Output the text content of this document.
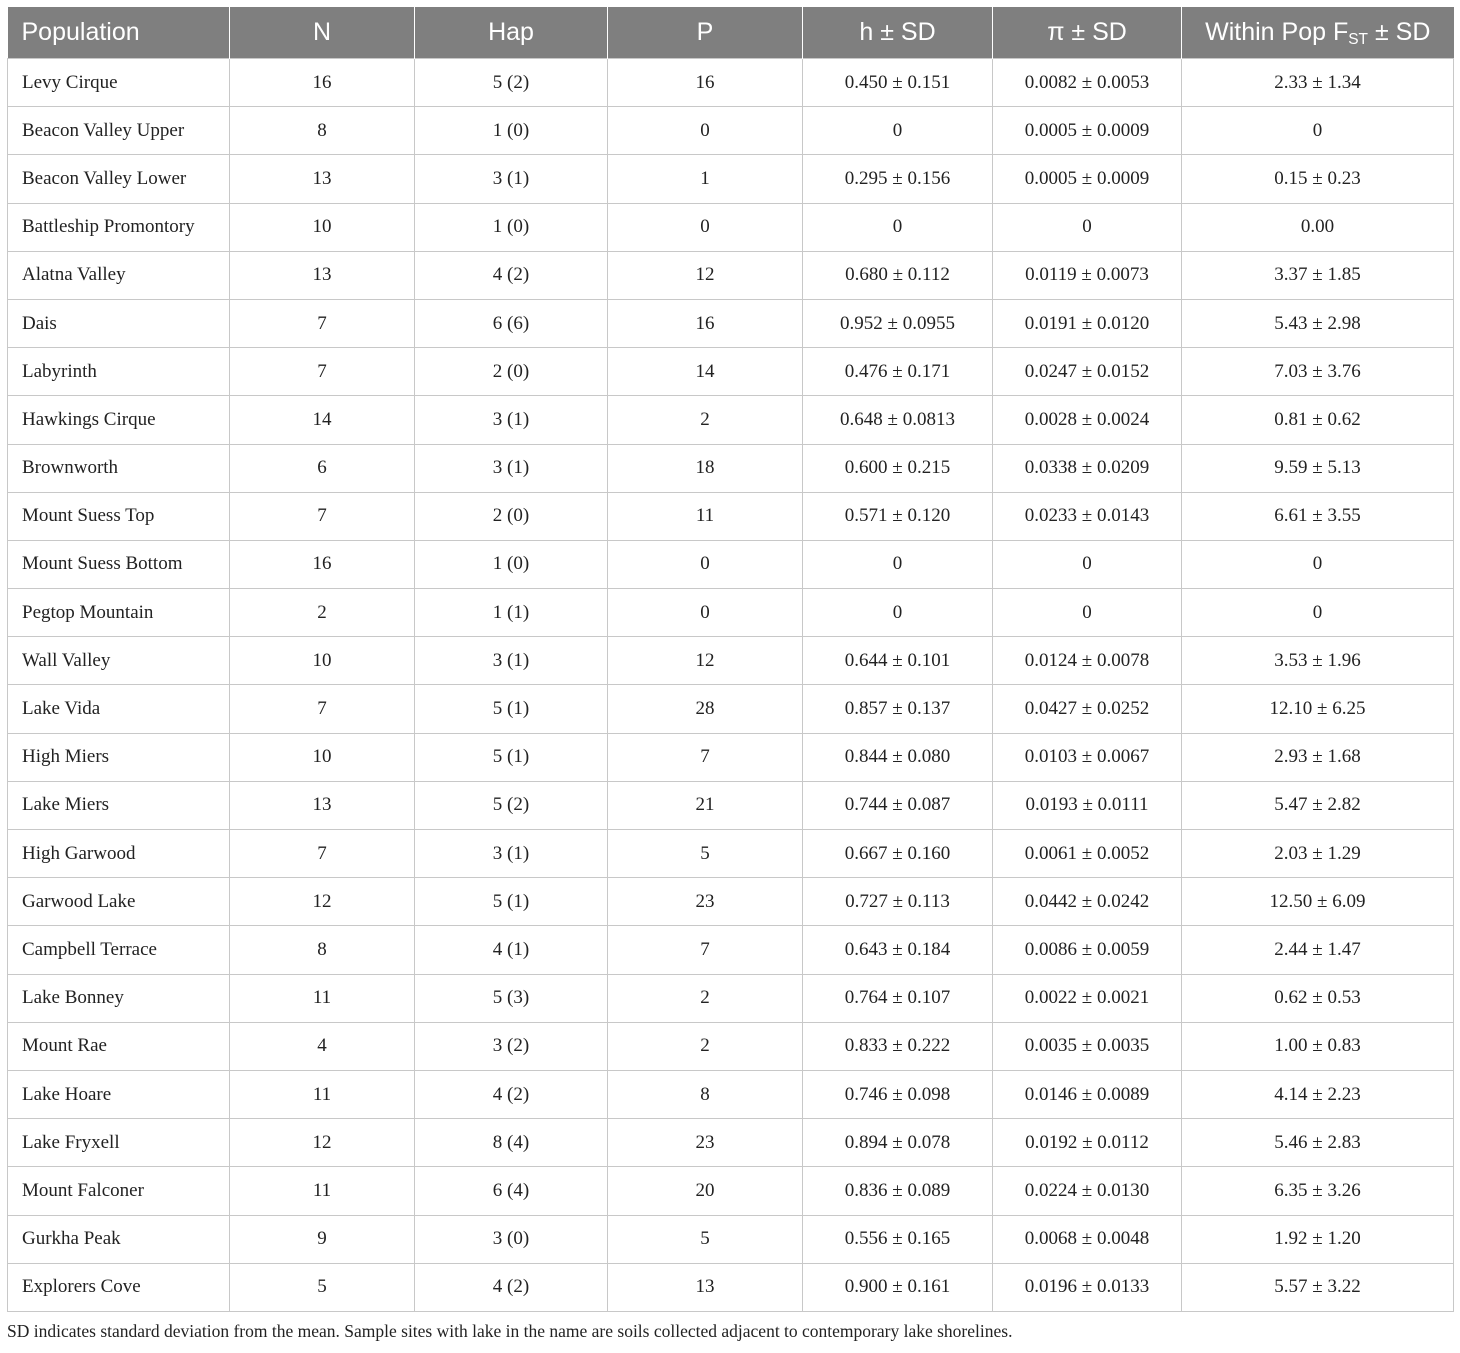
Population	N	Hap	P	h ± SD	π ± SD	Within Pop $F_{ST}$ ± SD
Levy Cirque	16	5 (2)	16	0.450 ± 0.151	0.0082 ± 0.0053	2.33 ± 1.34
Beacon Valley Upper	8	1 (0)	0	0	0.0005 ± 0.0009	0
Beacon Valley Lower	13	3 (1)	1	0.295 ± 0.156	0.0005 ± 0.0009	0.15 ± 0.23
Battleship Promontory	10	1 (0)	0	0	0	0.00
Alatna Valley	13	4 (2)	12	0.680 ± 0.112	0.0119 ± 0.0073	3.37 ± 1.85
Dais	7	6 (6)	16	0.952 ± 0.0955	0.0191 ± 0.0120	5.43 ± 2.98
Labyrinth	7	2 (0)	14	0.476 ± 0.171	0.0247 ± 0.0152	7.03 ± 3.76
Hawkings Cirque	14	3 (1)	2	0.648 ± 0.0813	0.0028 ± 0.0024	0.81 ± 0.62
Brownworth	6	3 (1)	18	0.600 ± 0.215	0.0338 ± 0.0209	9.59 ± 5.13
Mount Suess Top	7	2 (0)	11	0.571 ± 0.120	0.0233 ± 0.0143	6.61 ± 3.55
Mount Suess Bottom	16	1 (0)	0	0	0	0
Pegtop Mountain	2	1 (1)	0	0	0	0
Wall Valley	10	3 (1)	12	0.644 ± 0.101	0.0124 ± 0.0078	3.53 ± 1.96
Lake Vida	7	5 (1)	28	0.857 ± 0.137	0.0427 ± 0.0252	12.10 ± 6.25
High Miers	10	5 (1)	7	0.844 ± 0.080	0.0103 ± 0.0067	2.93 ± 1.68
Lake Miers	13	5 (2)	21	0.744 ± 0.087	0.0193 ± 0.0111	5.47 ± 2.82
High Garwood	7	3 (1)	5	0.667 ± 0.160	0.0061 ± 0.0052	2.03 ± 1.29
Garwood Lake	12	5 (1)	23	0.727 ± 0.113	0.0442 ± 0.0242	12.50 ± 6.09
Campbell Terrace	8	4 (1)	7	0.643 ± 0.184	0.0086 ± 0.0059	2.44 ± 1.47
Lake Bonney	11	5 (3)	2	0.764 ± 0.107	0.0022 ± 0.0021	0.62 ± 0.53
Mount Rae	4	3 (2)	2	0.833 ± 0.222	0.0035 ± 0.0035	1.00 ± 0.83
Lake Hoare	11	4 (2)	8	0.746 ± 0.098	0.0146 ± 0.0089	4.14 ± 2.23
Lake Fryxell	12	8 (4)	23	0.894 ± 0.078	0.0192 ± 0.0112	5.46 ± 2.83
Mount Falconer	11	6 (4)	20	0.836 ± 0.089	0.0224 ± 0.0130	6.35 ± 3.26
Gurkha Peak	9	3 (0)	5	0.556 ± 0.165	0.0068 ± 0.0048	1.92 ± 1.20
Explorers Cove	5	4 (2)	13	0.900 ± 0.161	0.0196 ± 0.0133	5.57 ± 3.22
SD indicates standard deviation from the mean. Sample sites with lake in the name are soils collected adjacent to contemporary lake shorelines.
